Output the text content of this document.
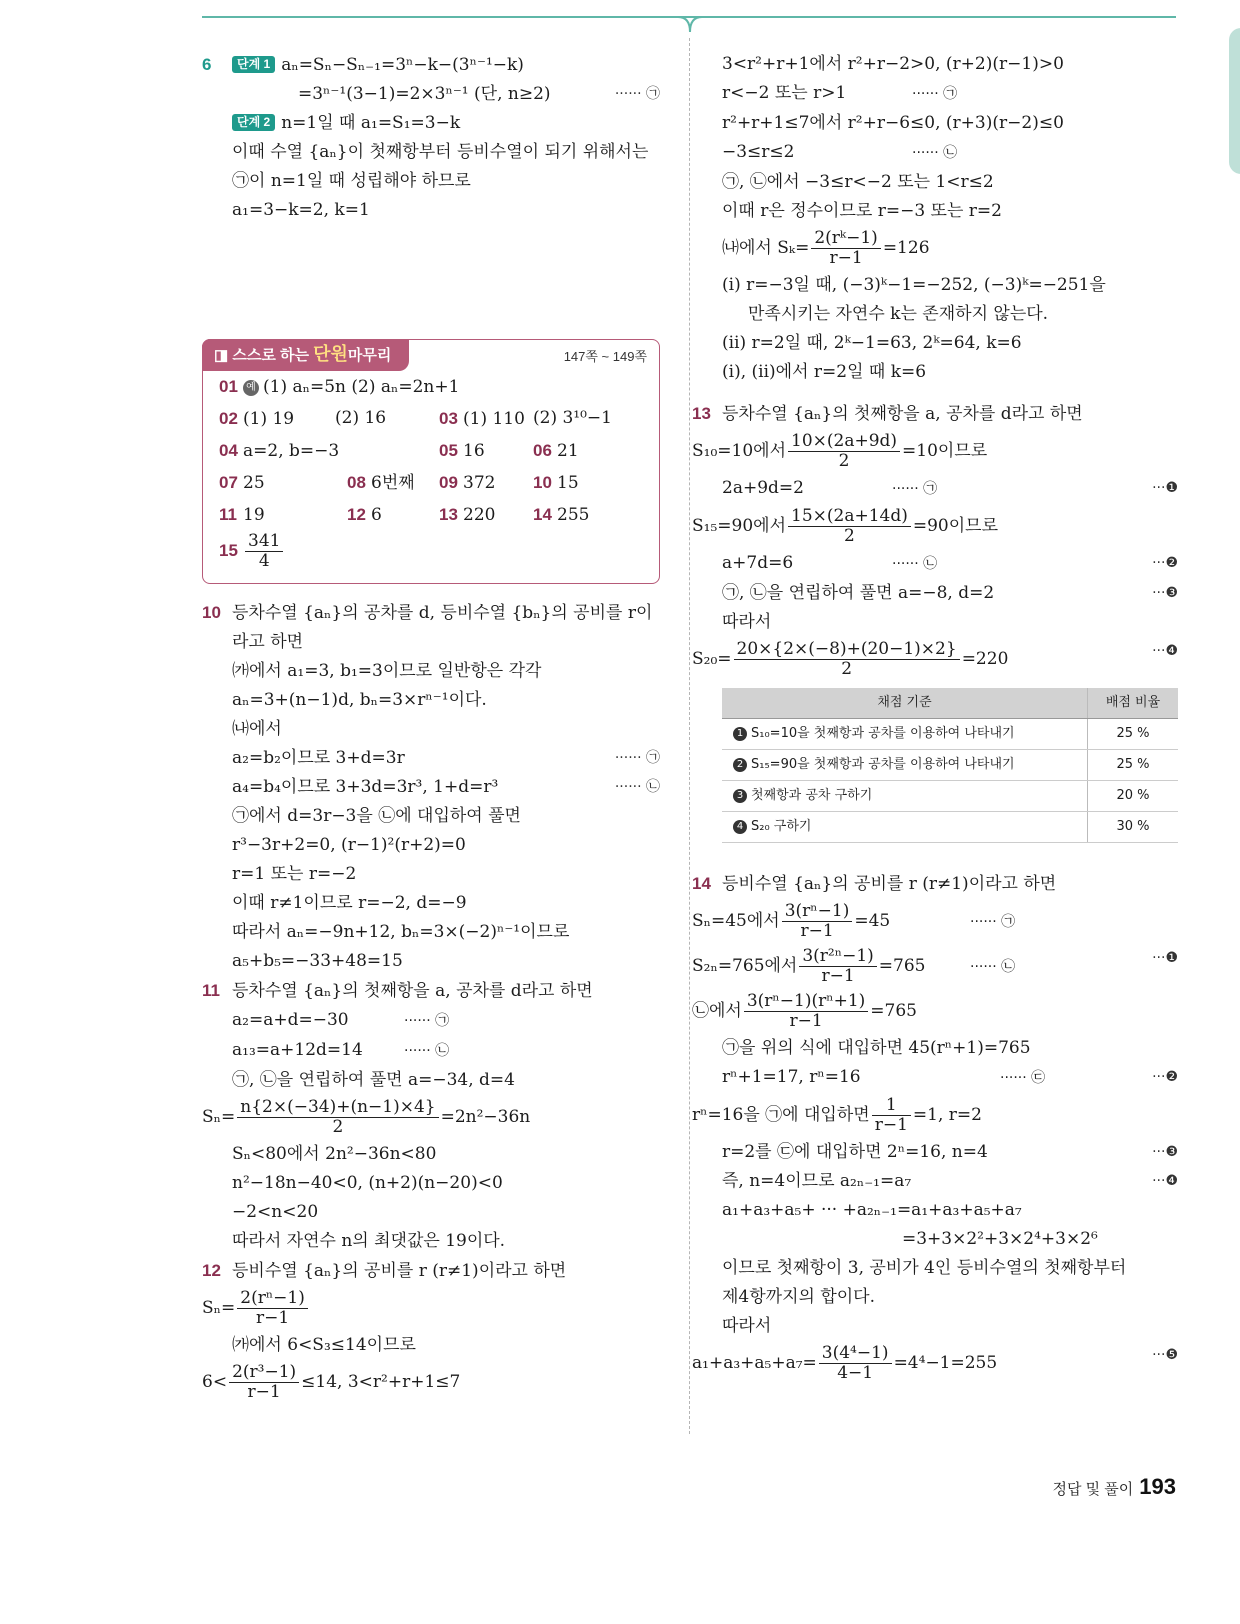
6 단계 1 aₙ=Sₙ−Sₙ₋₁=3ⁿ−k−(3ⁿ⁻¹−k)
=3ⁿ⁻¹(3−1)=2×3ⁿ⁻¹ (단, n≥2)	······ ㉠
단계 2 n=1일 때 a₁=S₁=3−k
이때 수열 {aₙ}이 첫째항부터 등비수열이 되기 위해서는
㉠이 n=1일 때 성립해야 하므로
a₁=3−k=2, k=1
◨ 스스로 하는 단원마무리	147쪽 ~ 149쪽
01 예 (1) aₙ=5n (2) aₙ=2n+1
02 (1) 19	(2) 16	03 (1) 110 (2) 3¹⁰−1
04 a=2, b=−3	05 16	06 21
07 25	08 6번째	09 372	10 15
11 19	12 6	13 220	14 255
$15 \frac{341}{4}$
10 등차수열 {aₙ}의 공차를 d, 등비수열 {bₙ}의 공비를 r이
라고 하면
㈎에서 a₁=3, b₁=3이므로 일반항은 각각
aₙ=3+(n−1)d, bₙ=3×rⁿ⁻¹이다.
㈏에서
a₂=b₂이므로 3+d=3r	······ ㉠
a₄=b₄이므로 3+3d=3r³, 1+d=r³	······ ㉡
㉠에서 d=3r−3을 ㉡에 대입하여 풀면
r³−3r+2=0, (r−1)²(r+2)=0
r=1 또는 r=−2
이때 r≠1이므로 r=−2, d=−9
따라서 aₙ=−9n+12, bₙ=3×(−2)ⁿ⁻¹이므로
a₅+b₅=−33+48=15
11 등차수열 {aₙ}의 첫째항을 a, 공차를 d라고 하면
a₂=a+d=−30	······ ㉠
a₁₃=a+12d=14	······ ㉡
㉠, ㉡을 연립하여 풀면 a=−34, d=4
$S_n= \frac{n\{2\times(-34)+(n-1)\times 4\}}{2} =2n^2-36n$
Sₙ<80에서 2n²−36n<80
n²−18n−40<0, (n+2)(n−20)<0
−2<n<20
따라서 자연수 n의 최댓값은 19이다.
12 등비수열 {aₙ}의 공비를 r (r≠1)이라고 하면
$S_n= \frac{\text{2(rⁿ−1)}}{r-1}$
㈎에서 6<S₃≤14이므로
$6< \frac{\text{2(r³−1)}}{r-1} \le 14$, 3<r²+r+1≤7
3<r²+r+1에서 r²+r−2>0, (r+2)(r−1)>0
r<−2 또는 r>1	······ ㉠
r²+r+1≤7에서 r²+r−6≤0, (r+3)(r−2)≤0
−3≤r≤2	······ ㉡
㉠, ㉡에서 −3≤r<−2 또는 1<r≤2
이때 r은 정수이므로 r=−3 또는 r=2
㈏에서 $S_k= \frac{\text{2(rᵏ−1)}}{r-1} =126$
(ⅰ) r=−3일 때, (−3)ᵏ−1=−252, (−3)ᵏ=−251을
만족시키는 자연수 k는 존재하지 않는다.
(ⅱ) r=2일 때, 2ᵏ−1=63, 2ᵏ=64, k=6
(ⅰ), (ⅱ)에서 r=2일 때 k=6
13 등차수열 {aₙ}의 첫째항을 a, 공차를 d라고 하면
S₁₀=10에서 $\frac{10\times(2a+9d)}{2} =10$이므로
2a+9d=2	······ ㉠	···❶
S₁₅=90에서 $\frac{15\times(2a+14d)}{2} =90$이므로
a+7d=6	······ ㉡	···❷
㉠, ㉡을 연립하여 풀면 a=−8, d=2	···❸
따라서
$S_{20}= \frac{20\times\{2\times(-8)+(20-1)\times 2\}}{2} =220$	···❹
채점 기준	배점 비율
1 S₁₀=10을 첫째항과 공차를 이용하여 나타내기	25 %
2 S₁₅=90을 첫째항과 공차를 이용하여 나타내기	25 %
3 첫째항과 공차 구하기	20 %
4 S₂₀ 구하기	30 %
14 등비수열 {aₙ}의 공비를 r (r≠1)이라고 하면
Sₙ=45에서 $\frac{\text{3(rⁿ−1)}}{r-1} =45$	······ ㉠
S₂ₙ=765에서 $\frac{\text{3(r²ⁿ−1)}}{r-1} =765$	······ ㉡
···❶
㉡에서 $\frac{\text{3(rⁿ−1)(rⁿ+1)}}{r-1} =765$
㉠을 위의 식에 대입하면 45(rⁿ+1)=765
rⁿ+1=17, rⁿ=16	······ ㉢	···❷
rⁿ=16을 ㉠에 대입하면 $\frac{1}{r-1} =1$, r=2
r=2를 ㉢에 대입하면 2ⁿ=16, n=4	···❸
즉, n=4이므로 a₂ₙ₋₁=a₇	···❹
a₁+a₃+a₅+ ··· +a₂ₙ₋₁=a₁+a₃+a₅+a₇
=3+3×2²+3×2⁴+3×2⁶
이므로 첫째항이 3, 공비가 4인 등비수열의 첫째항부터
제4항까지의 합이다.
따라서
$a_1+a_3+a_5+a_7= \frac{\text{3(4⁴−1)}}{4-1} =4^4-1=255$	···❺
정답 및 풀이 193
